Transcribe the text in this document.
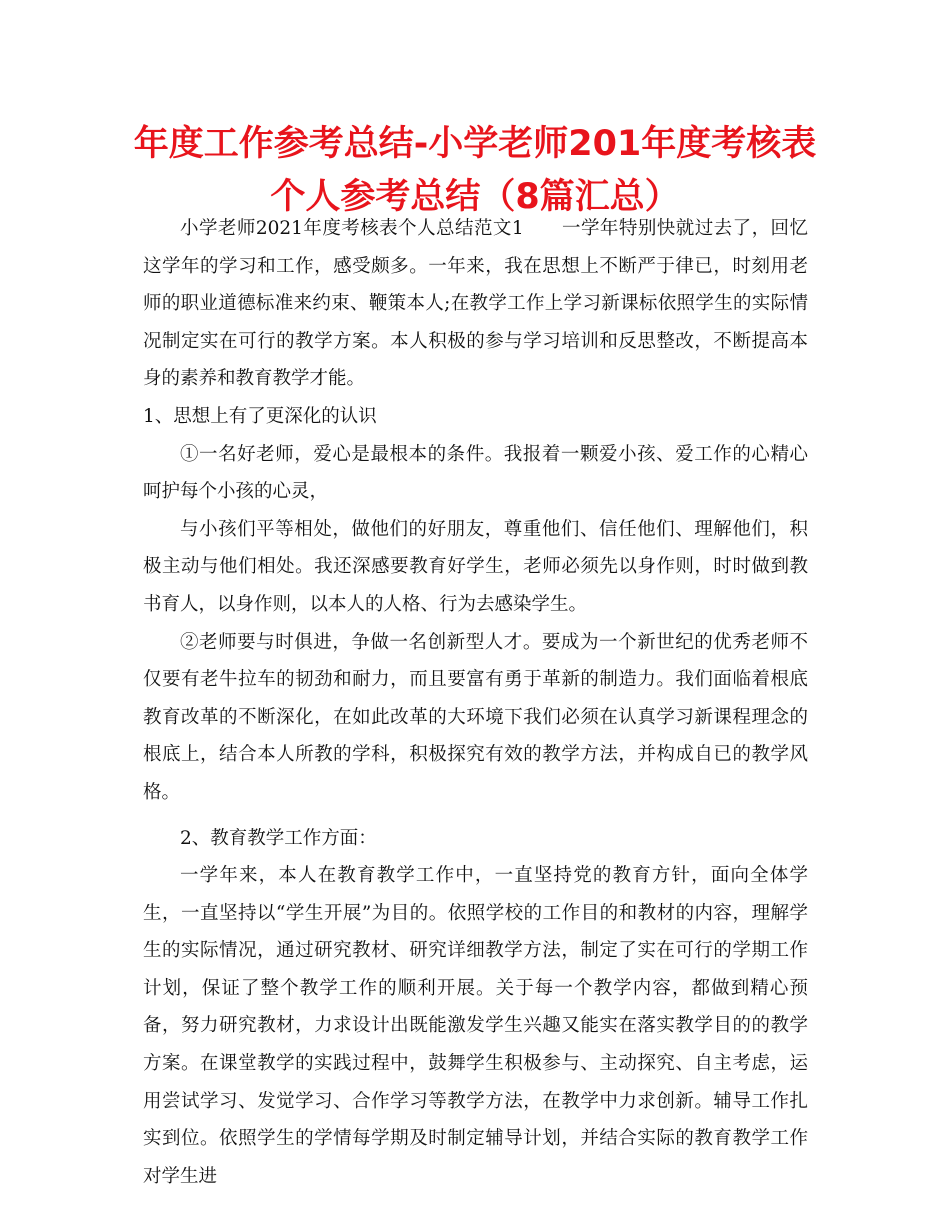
年度工作参考总结-小学老师201年度考核表个人参考总结（8篇汇总）

小学老师2021年度考核表个人总结范文1　　一学年特别快就过去了，回忆这学年的学习和工作，感受颇多。一年来，我在思想上不断严于律已，时刻用老师的职业道德标准来约束、鞭策本人;在教学工作上学习新课标依照学生的实际情况制定实在可行的教学方案。本人积极的参与学习培训和反思整改，不断提高本身的素养和教育教学才能。

1、思想上有了更深化的认识

①一名好老师，爱心是最根本的条件。我报着一颗爱小孩、爱工作的心精心呵护每个小孩的心灵，

与小孩们平等相处，做他们的好朋友，尊重他们、信任他们、理解他们，积极主动与他们相处。我还深感要教育好学生，老师必须先以身作则，时时做到教书育人，以身作则，以本人的人格、行为去感染学生。

②老师要与时俱进，争做一名创新型人才。要成为一个新世纪的优秀老师不仅要有老牛拉车的韧劲和耐力，而且要富有勇于革新的制造力。我们面临着根底教育改革的不断深化，在如此改革的大环境下我们必须在认真学习新课程理念的根底上，结合本人所教的学科，积极探究有效的教学方法，并构成自已的教学风格。

2、教育教学工作方面：

一学年来，本人在教育教学工作中，一直坚持党的教育方针，面向全体学生，一直坚持以“学生开展”为目的。依照学校的工作目的和教材的内容，理解学生的实际情况，通过研究教材、研究详细教学方法，制定了实在可行的学期工作计划，保证了整个教学工作的顺利开展。关于每一个教学内容，都做到精心预备，努力研究教材，力求设计出既能激发学生兴趣又能实在落实教学目的的教学方案。在课堂教学的实践过程中，鼓舞学生积极参与、主动探究、自主考虑，运用尝试学习、发觉学习、合作学习等教学方法，在教学中力求创新。辅导工作扎实到位。依照学生的学情每学期及时制定辅导计划，并结合实际的教育教学工作对学生进
